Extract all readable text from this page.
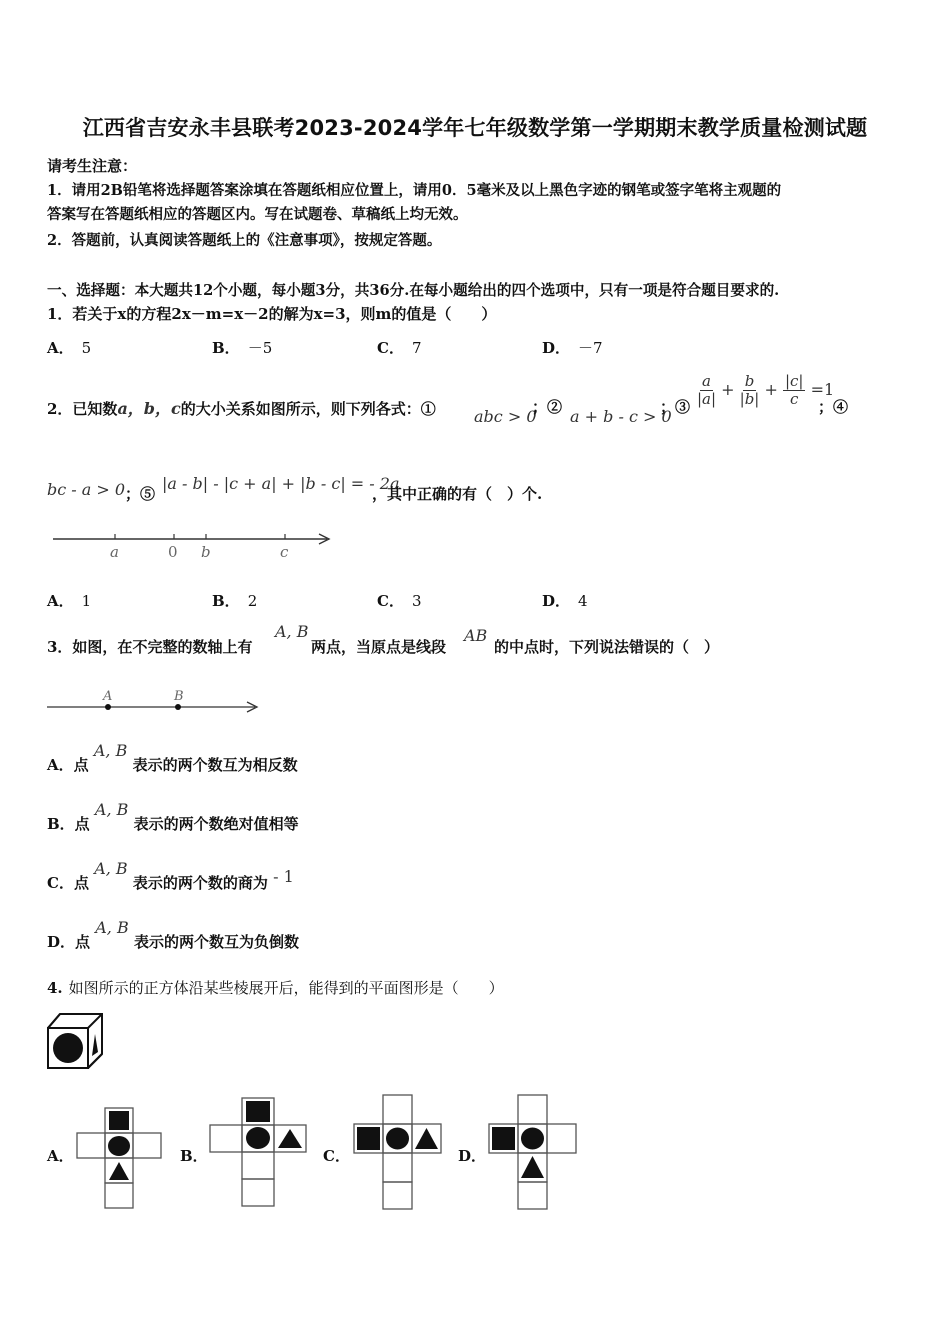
江西省吉安永丰县联考2023-2024学年七年级数学第一学期期末教学质量检测试题
请考生注意：
1．请用2B铅笔将选择题答案涂填在答题纸相应位置上，请用0．5毫米及以上黑色字迹的钢笔或签字笔将主观题的
答案写在答题纸相应的答题区内。写在试题卷、草稿纸上均无效。
2．答题前，认真阅读答题纸上的《注意事项》，按规定答题。
一、选择题：本大题共12个小题，每小题3分，共36分.在每小题给出的四个选项中，只有一项是符合题目要求的.
1．若关于x的方程2x－m=x－2的解为x=3，则m的值是（　　）
A． 5	B． －5	C． 7	D． －7
2．已知数a，b，c的大小关系如图所示，则下列各式：① abc > 0
；② a + b - c > 0
；③ $\frac{a}{|a|} + \frac{b}{|b|} + \frac{|c|}{c} =1$
；④
bc - a > 0 ；⑤
|a - b| - |c + a| + |b - c| = - 2a
，其中正确的有（　）个.
a	0 b	c
A． 1	B． 2	C． 3	D． 4
3．如图，在不完整的数轴上有
A, B
两点，当原点是线段
AB
的中点时，下列说法错误的（　）
A	B
A．点 A, B 表示的两个数互为相反数
B．点 A, B 表示的两个数绝对值相等
C．点 A, B 表示的两个数的商为 - 1
D．点 A, B 表示的两个数互为负倒数
4. 如图所示的正方体沿某些棱展开后，能得到的平面图形是（　　）
A．	B．	C．	D．
